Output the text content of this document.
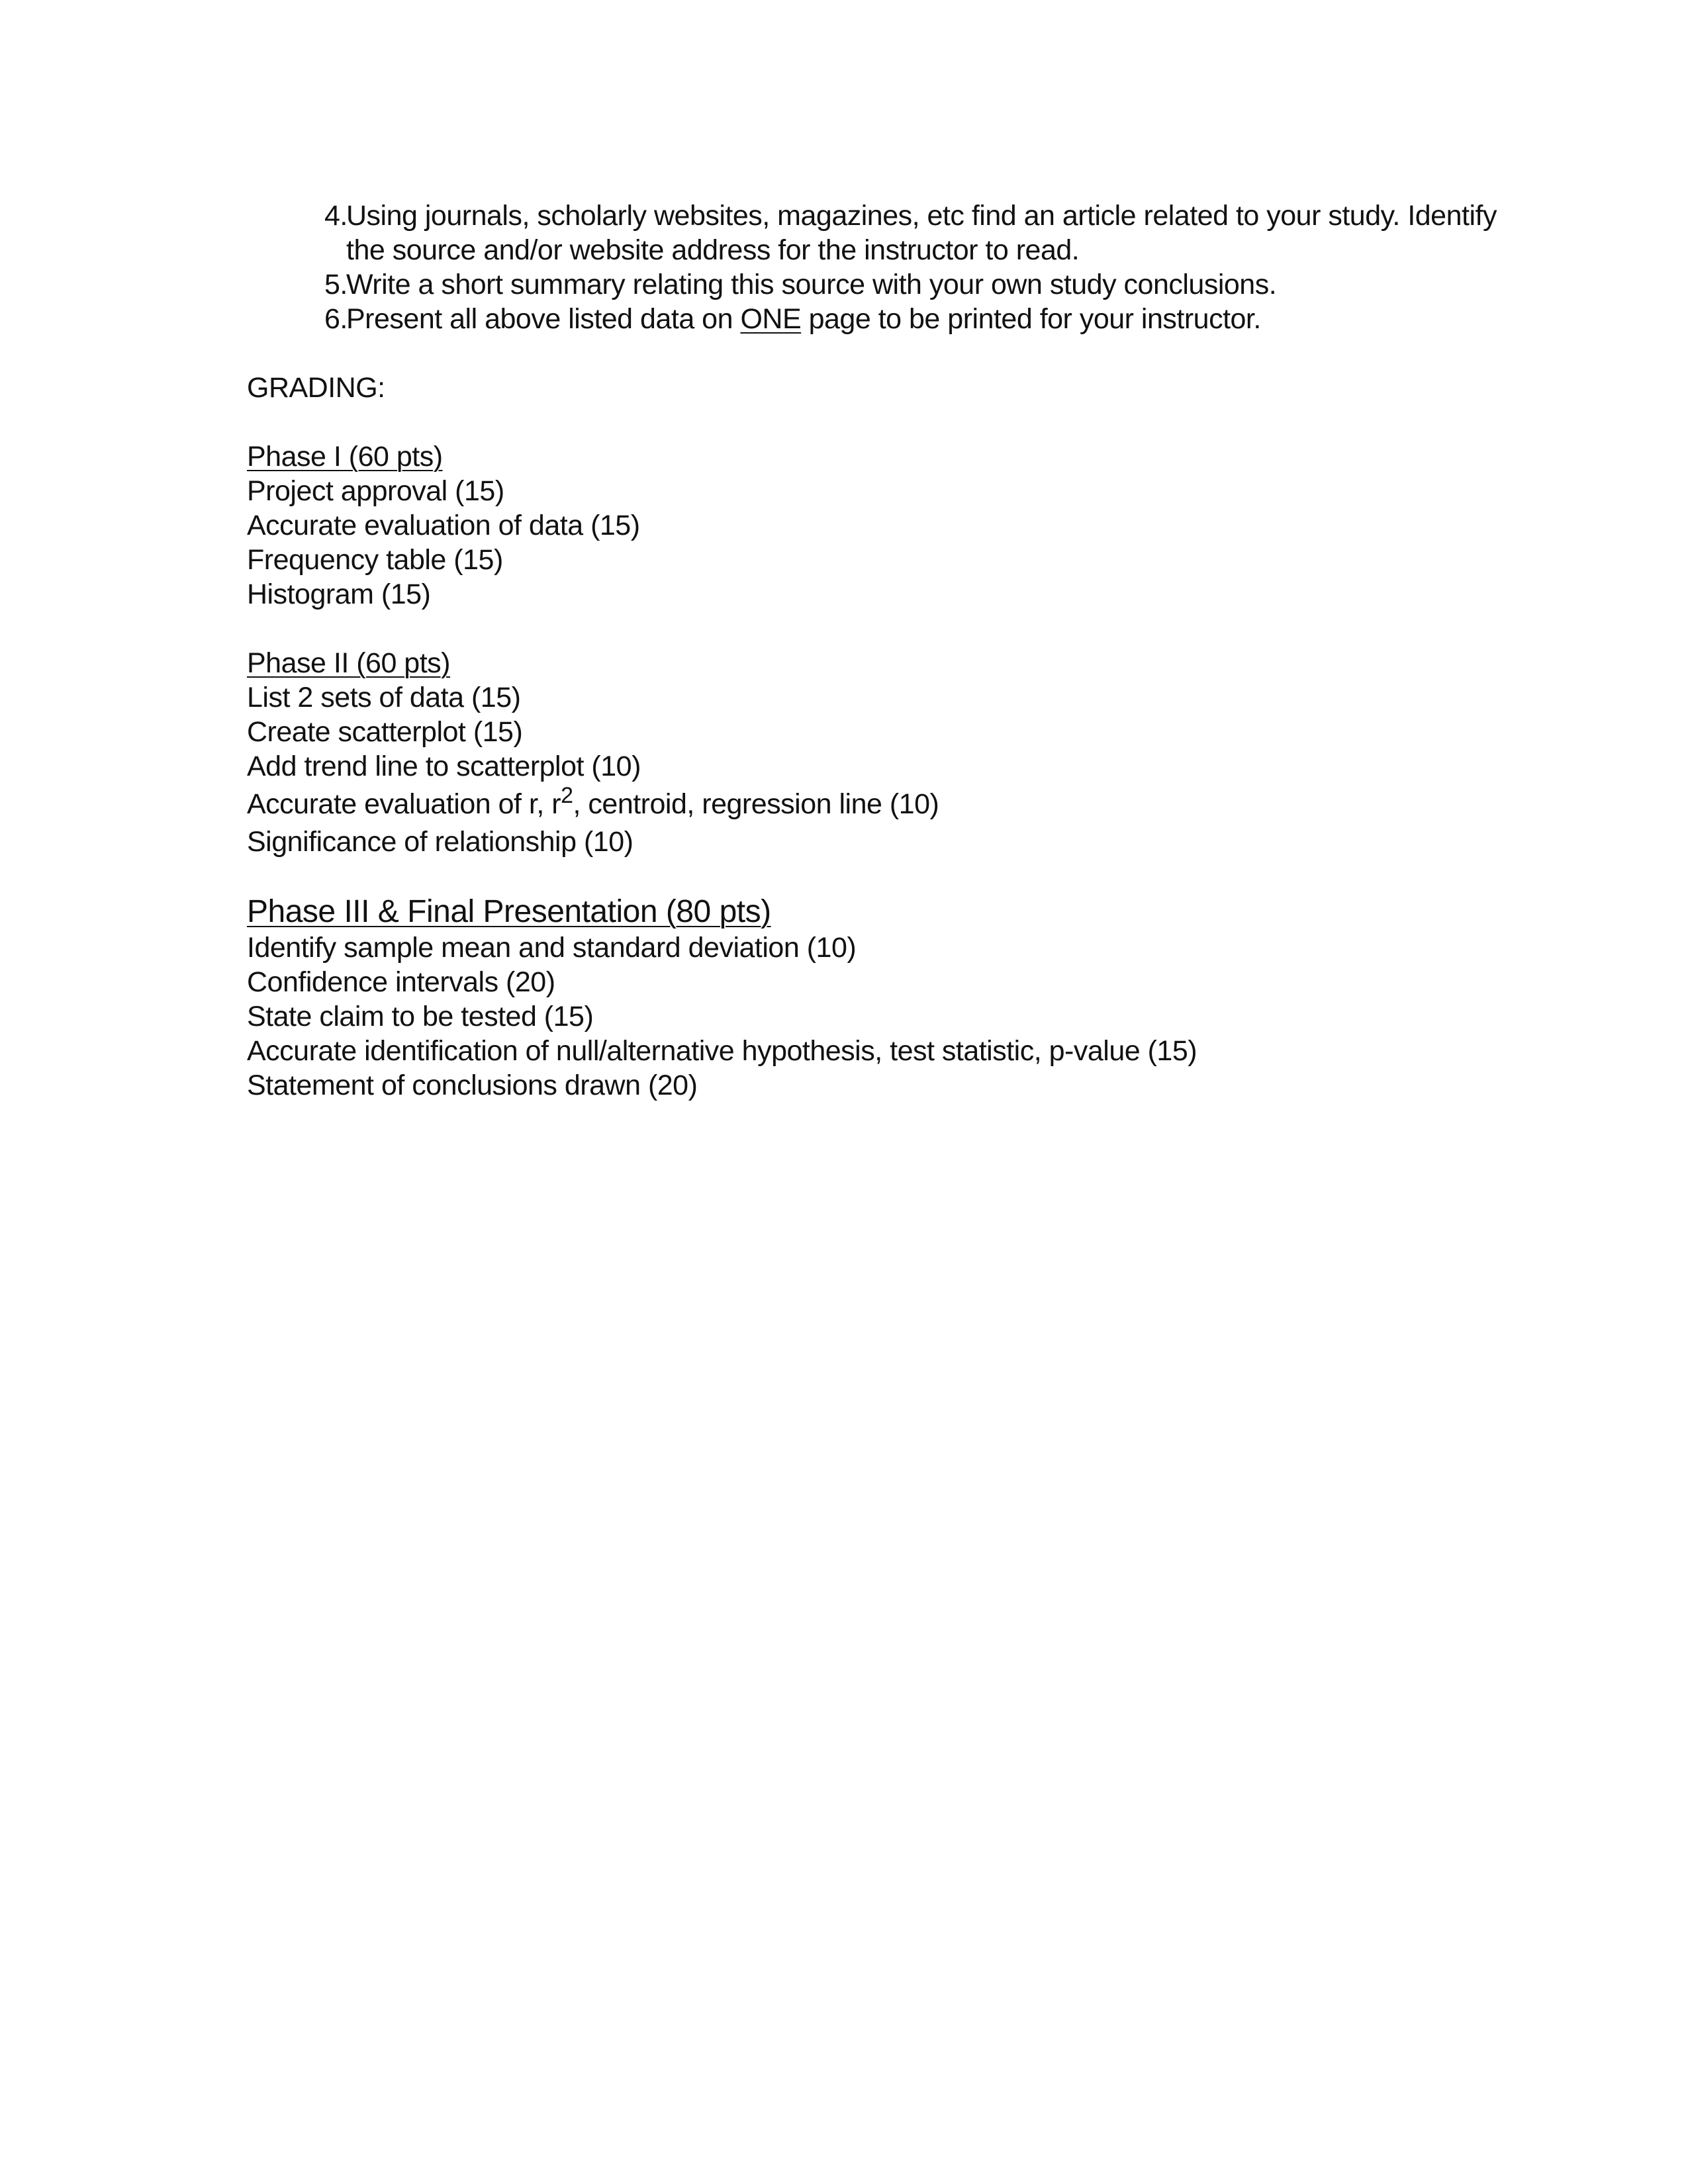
4.
Using journals, scholarly websites, magazines, etc find an article related to your study. Identify the source and/or website address for the instructor to read.
5.
Write a short summary relating this source with your own study conclusions.
6.
Present all above listed data on ONE page to be printed for your instructor.
GRADING:
Phase I (60 pts)
Project approval (15)
Accurate evaluation of data (15)
Frequency table (15)
Histogram (15)
Phase II (60 pts)
List 2 sets of data (15)
Create scatterplot (15)
Add trend line to scatterplot (10)
Accurate evaluation of r, $r^2$, centroid, regression line (10)
Significance of relationship (10)
Phase III & Final Presentation (80 pts)
Identify sample mean and standard deviation (10)
Confidence intervals (20)
State claim to be tested (15)
Accurate identification of null/alternative hypothesis, test statistic, p-value (15)
Statement of conclusions drawn (20)
